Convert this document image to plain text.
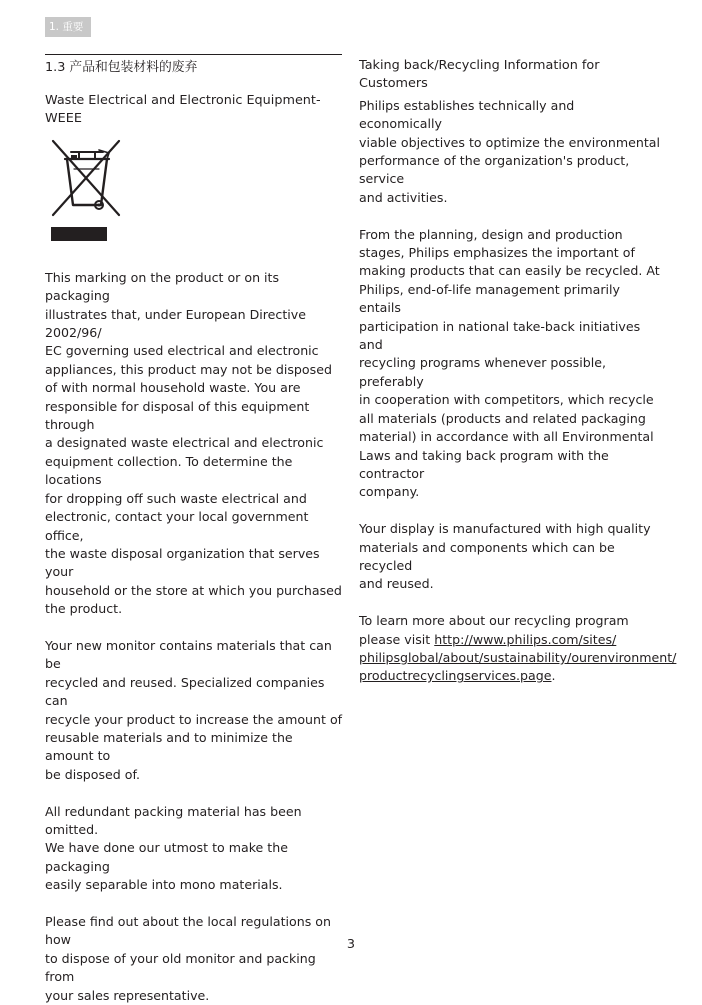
1. 重要

1.3 产品和包装材料的废弃

Waste Electrical and Electronic Equipment-
WEEE

This marking on the product or on its packaging
illustrates that, under European Directive 2002/96/
EC governing used electrical and electronic
appliances, this product may not be disposed
of with normal household waste. You are
responsible for disposal of this equipment through
a designated waste electrical and electronic
equipment collection. To determine the locations
for dropping off such waste electrical and
electronic, contact your local government office,
the waste disposal organization that serves your
household or the store at which you purchased
the product.

Your new monitor contains materials that can be
recycled and reused. Specialized companies can
recycle your product to increase the amount of
reusable materials and to minimize the amount to
be disposed of.

All redundant packing material has been omitted.
We have done our utmost to make the packaging
easily separable into mono materials.

Please find out about the local regulations on how
to dispose of your old monitor and packing from
your sales representative.

Taking back/Recycling Information for Customers

Philips establishes technically and economically
viable objectives to optimize the environmental
performance of the organization's product, service
and activities.

From the planning, design and production
stages, Philips emphasizes the important of
making products that can easily be recycled. At
Philips, end-of-life management primarily entails
participation in national take-back initiatives and
recycling programs whenever possible, preferably
in cooperation with competitors, which recycle
all materials (products and related packaging
material) in accordance with all Environmental
Laws and taking back program with the contractor
company.

Your display is manufactured with high quality
materials and components which can be recycled
and reused.

To learn more about our recycling program
please visit http://www.philips.com/sites/
philipsglobal/about/sustainability/ourenvironment/
productrecyclingservices.page.

3
